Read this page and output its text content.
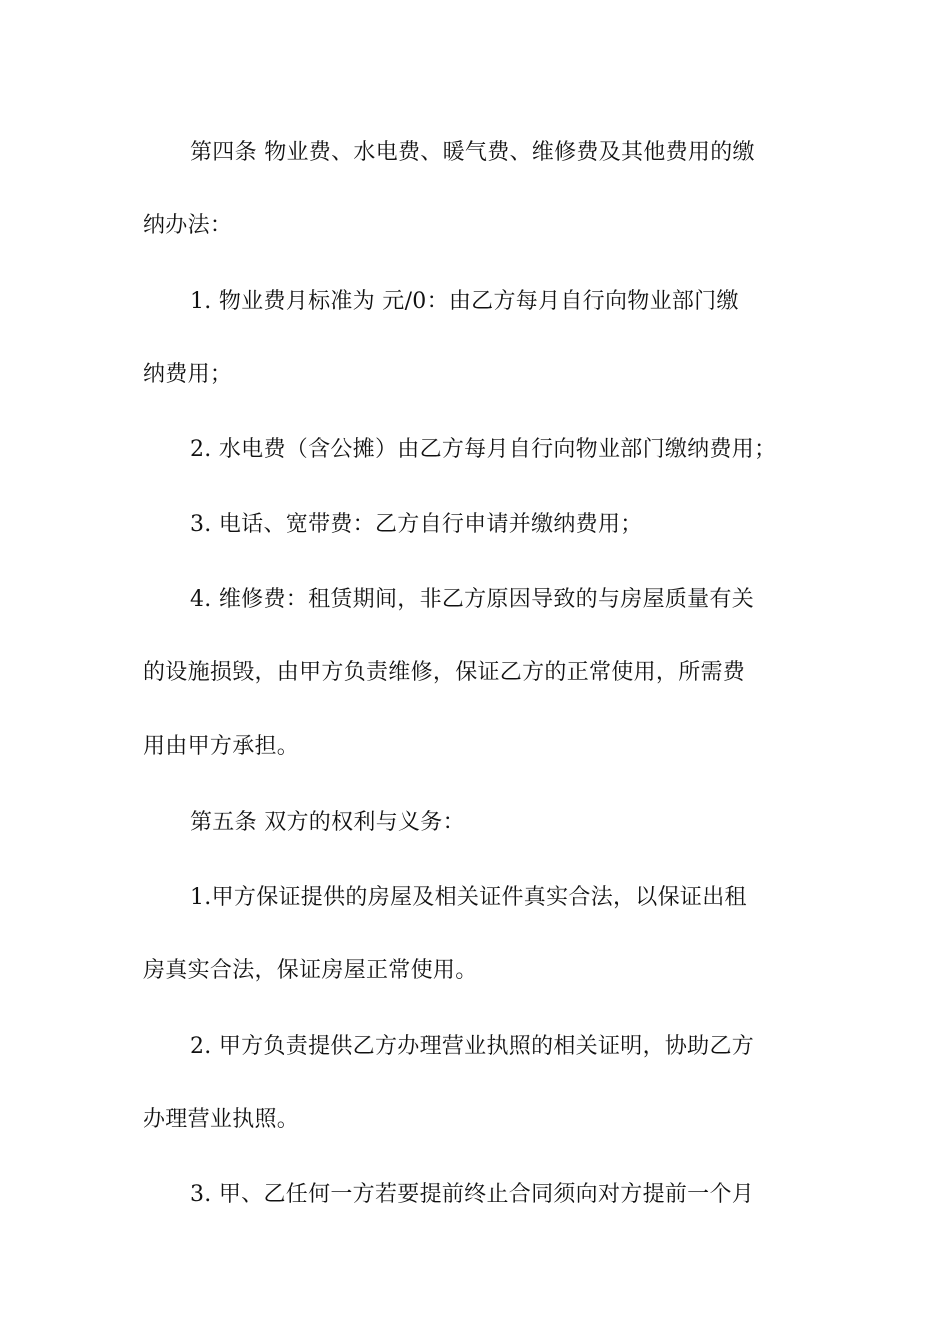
第四条 物业费、水电费、暖气费、维修费及其他费用的缴
纳办法：
1. 物业费月标准为 元/0：由乙方每月自行向物业部门缴
纳费用；
2. 水电费（含公摊）由乙方每月自行向物业部门缴纳费用；
3. 电话、宽带费：乙方自行申请并缴纳费用；
4. 维修费：租赁期间，非乙方原因导致的与房屋质量有关
的设施损毁，由甲方负责维修，保证乙方的正常使用，所需费
用由甲方承担。
第五条 双方的权利与义务：
1.甲方保证提供的房屋及相关证件真实合法，以保证出租
房真实合法，保证房屋正常使用。
2. 甲方负责提供乙方办理营业执照的相关证明，协助乙方
办理营业执照。
3. 甲、乙任何一方若要提前终止合同须向对方提前一个月
